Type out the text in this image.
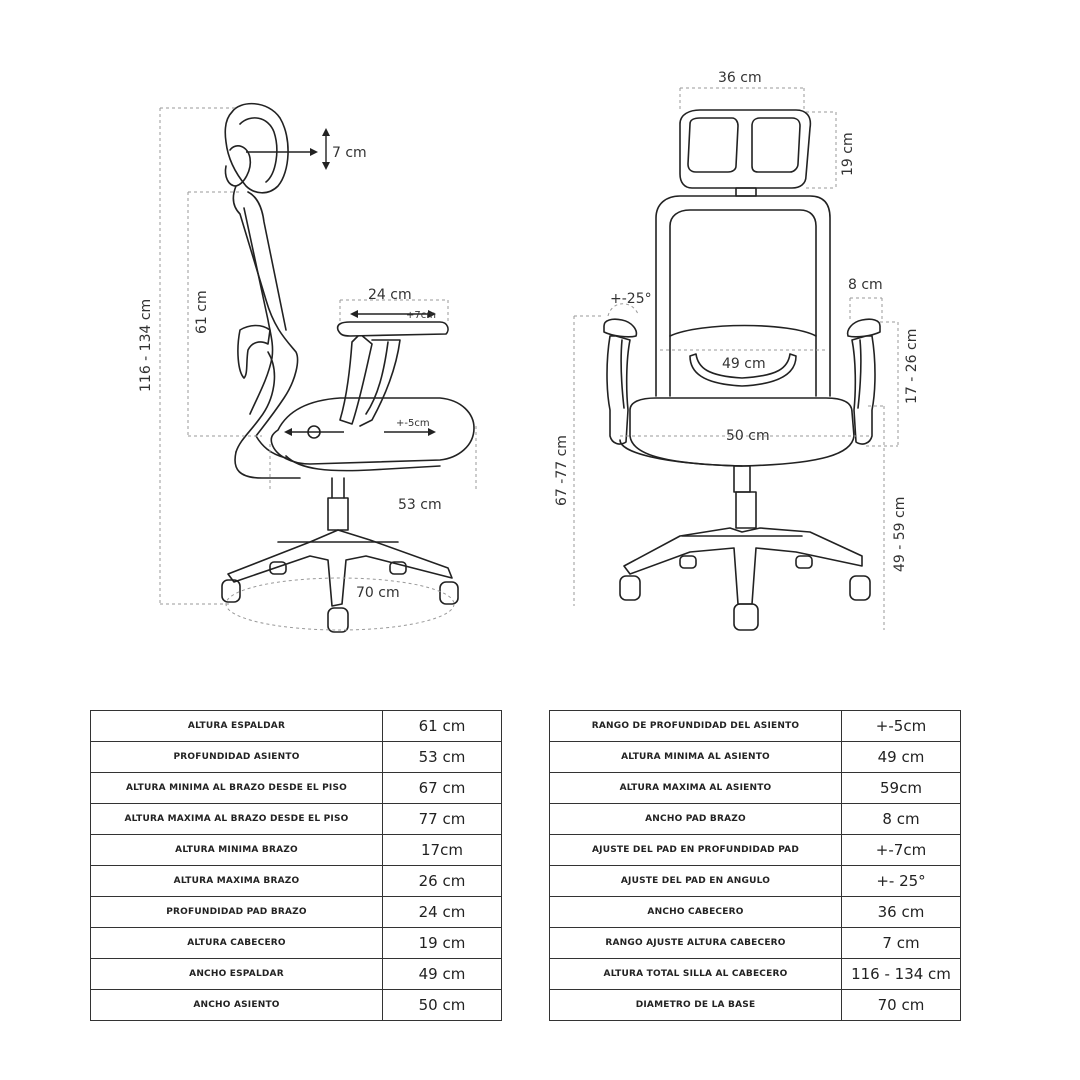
7 cm
61 cm
116 - 134 cm
24 cm
+7cm
+-5cm
53 cm
70 cm
36 cm
19 cm
8 cm
+-25°
17 - 26 cm
49 cm
50 cm
67 -77 cm
49 - 59 cm
ALTURA ESPALDAR	61 cm
PROFUNDIDAD ASIENTO	53 cm
ALTURA MINIMA AL BRAZO DESDE EL PISO	67 cm
ALTURA MAXIMA AL BRAZO DESDE EL PISO	77 cm
ALTURA MINIMA BRAZO	17cm
ALTURA MAXIMA BRAZO	26 cm
PROFUNDIDAD PAD BRAZO	24 cm
ALTURA CABECERO	19 cm
ANCHO ESPALDAR	49 cm
ANCHO ASIENTO	50 cm
RANGO DE PROFUNDIDAD DEL ASIENTO	+-5cm
ALTURA MINIMA AL ASIENTO	49 cm
ALTURA MAXIMA AL ASIENTO	59cm
ANCHO PAD BRAZO	8 cm
AJUSTE DEL PAD EN PROFUNDIDAD PAD	+-7cm
AJUSTE DEL PAD EN ANGULO	+- 25°
ANCHO CABECERO	36 cm
RANGO AJUSTE ALTURA CABECERO	7 cm
ALTURA TOTAL SILLA AL CABECERO	116 - 134 cm
DIAMETRO DE LA BASE	70 cm
